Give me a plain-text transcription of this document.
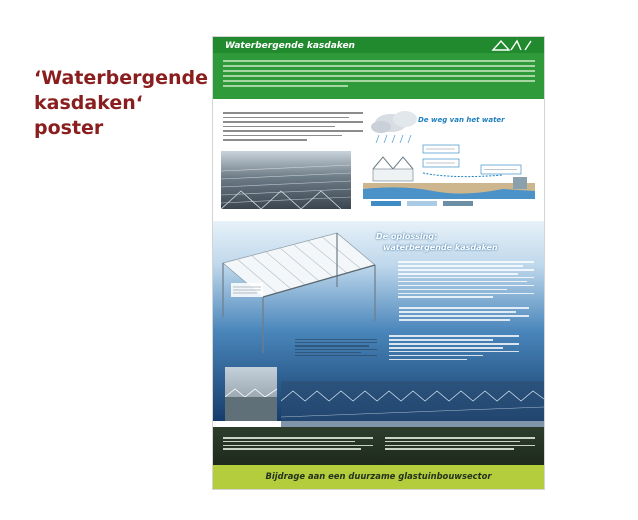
‘Waterbergende kasdaken‘ poster
Waterbergende kasdaken
De weg van het water
De oplossing:
waterbergende kasdaken
Bijdrage aan een duurzame glastuinbouwsector
